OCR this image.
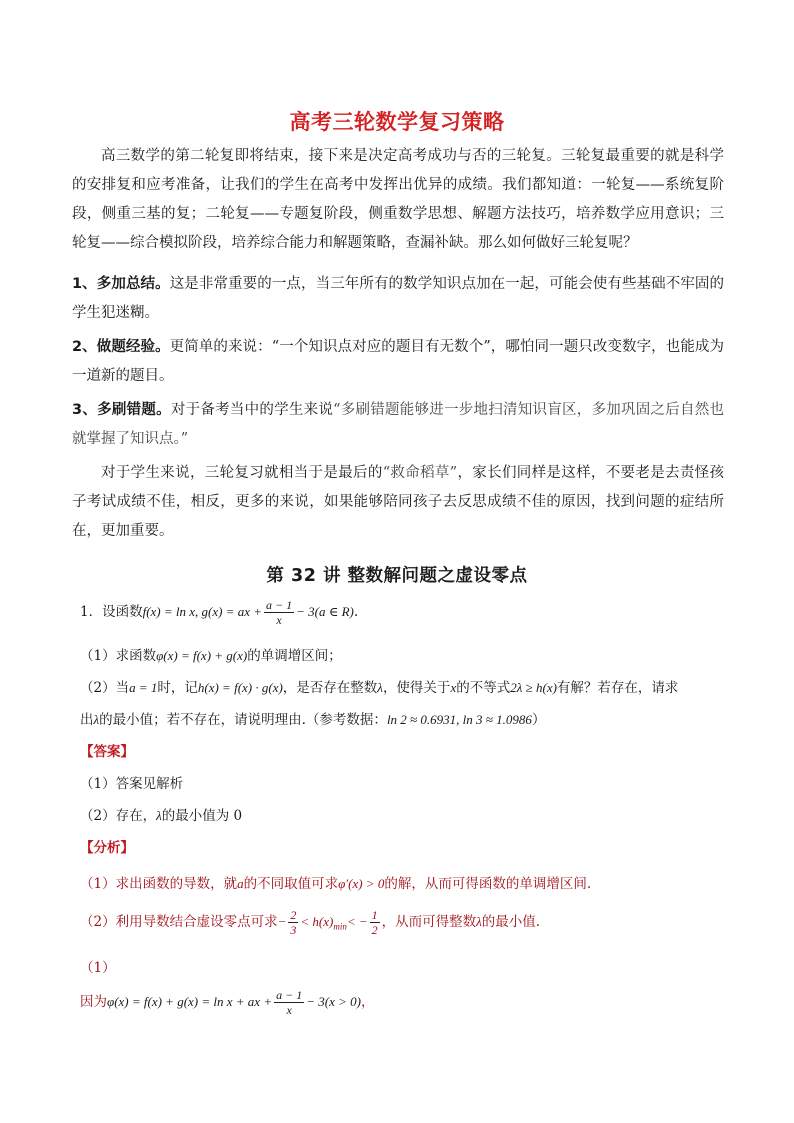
高考三轮数学复习策略
高三数学的第二轮复即将结束，接下来是决定高考成功与否的三轮复。三轮复最重要的就是科学的安排复和应考准备，让我们的学生在高考中发挥出优异的成绩。我们都知道：一轮复——系统复阶段，侧重三基的复；二轮复——专题复阶段，侧重数学思想、解题方法技巧，培养数学应用意识；三轮复——综合模拟阶段，培养综合能力和解题策略，查漏补缺。那么如何做好三轮复呢？
1、多加总结。这是非常重要的一点，当三年所有的数学知识点加在一起，可能会使有些基础不牢固的学生犯迷糊。
2、做题经验。更简单的来说：“一个知识点对应的题目有无数个”，哪怕同一题只改变数字，也能成为一道新的题目。
3、多刷错题。对于备考当中的学生来说“多刷错题能够进一步地扫清知识盲区，多加巩固之后自然也就掌握了知识点。”
对于学生来说，三轮复习就相当于是最后的“救命稻草”，家长们同样是这样，不要老是去责怪孩子考试成绩不佳，相反，更多的来说，如果能够陪同孩子去反思成绩不佳的原因，找到问题的症结所在，更加重要。
第 32 讲 整数解问题之虚设零点
1．设函数f(x) = ln x, g(x) = ax + $\frac{a - 1}{x} - 3(a$ ∈ R).
（1）求函数φ(x) = f(x) + g(x)的单调增区间；
（2）当a = 1时，记h(x) = f(x) · g(x)，是否存在整数λ，使得关于x的不等式2λ ≥ h(x)有解？若存在，请求
出λ的最小值；若不存在，请说明理由.（参考数据：ln 2 ≈ 0.6931, ln 3 ≈ 1.0986）
【答案】
（1）答案见解析
（2）存在，λ的最小值为 0
【分析】
（1）求出函数的导数，就a的不同取值可求φ′(x) > 0的解，从而可得函数的单调增区间.
（2）利用导数结合虚设零点可求− $\frac{2}{3} < h(x)_{min}< - \frac{1}{2}$ ，从而可得整数λ的最小值.
（1）
因为φ(x) = f(x) + g(x) = ln x + ax + $\frac{a - 1}{x} - 3(x > 0)$，
